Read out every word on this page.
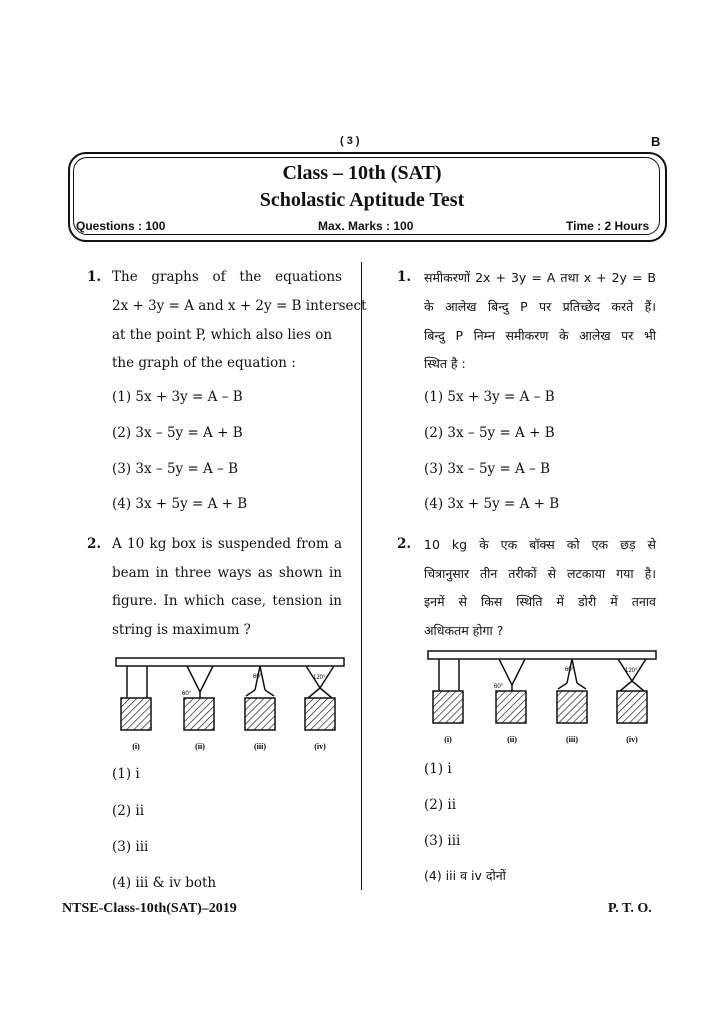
( 3 )	B
Class – 10th (SAT)
Scholastic Aptitude Test
Questions : 100	Max. Marks : 100	Time : 2 Hours
1. The graphs of the equations
2x + 3y = A and x + 2y = B intersect
at the point P, which also lies on
the graph of the equation :
(1) 5x + 3y = A – B
(2) 3x – 5y = A + B
(3) 3x – 5y = A – B
(4) 3x + 5y = A + B
2. A 10 kg box is suspended from a
beam in three ways as shown in
figure. In which case, tension in
string is maximum ?
60°
60°	120°
(i)	(ii)	(iii)	(iv)
(1) i
(2) ii
(3) iii
(4) iii & iv both
1. समीकरणों 2x + 3y = A तथा x + 2y = B
के आलेख बिन्दु P पर प्रतिच्छेद करते हैं।
बिन्दु P निम्न समीकरण के आलेख पर भी
स्थित है :
(1) 5x + 3y = A – B
(2) 3x – 5y = A + B
(3) 3x – 5y = A – B
(4) 3x + 5y = A + B
2. 10 kg के एक बॉक्स को एक छड़ से
चित्रानुसार तीन तरीकों से लटकाया गया है।
इनमें से किस स्थिति में डोरी में तनाव
अधिकतम होगा ?
60°
60°	120°
(i)	(ii)	(iii)	(iv)
(1) i
(2) ii
(3) iii
(4) iii व iv दोनों
NTSE-Class-10th(SAT)–2019	P. T. O.
